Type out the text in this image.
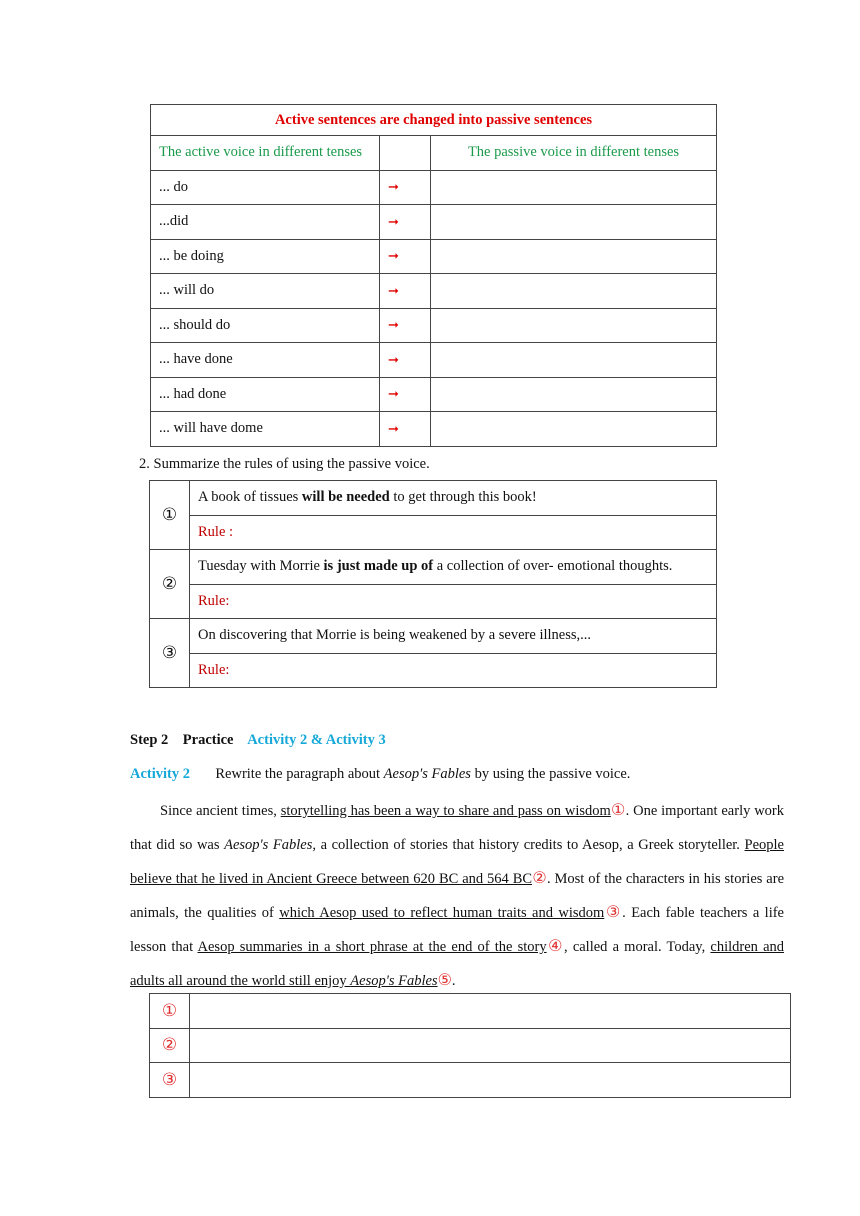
Active sentences are changed into passive sentences		
The active voice in different tenses		The passive voice in different tenses
... do	➞	
...did	➞	
... be doing	➞	
... will do	➞	
... should do	➞	
... have done	➞	
... had done	➞	
... will have dome	➞	
2. Summarize the rules of using the passive voice.
①	A book of tissues will be needed to get through this book!
	Rule :
②	Tuesday with Morrie is just made up of a collection of over- emotional thoughts.
	Rule:
③	On discovering that Morrie is being weakened by a severe illness,...
	Rule:
Step 2 Practice Activity 2 & Activity 3
Activity 2 Rewrite the paragraph about Aesop's Fables by using the passive voice.

Since ancient times, storytelling has been a way to share and pass on wisdom①. One important early work that did so was Aesop's Fables, a collection of stories that history credits to Aesop, a Greek storyteller. People believe that he lived in Ancient Greece between 620 BC and 564 BC②. Most of the characters in his stories are animals, the qualities of which Aesop used to reflect human traits and wisdom③. Each fable teachers a life lesson that Aesop summaries in a short phrase at the end of the story④, called a moral. Today, children and adults all around the world still enjoy Aesop's Fables⑤.

①	
②	
③	
